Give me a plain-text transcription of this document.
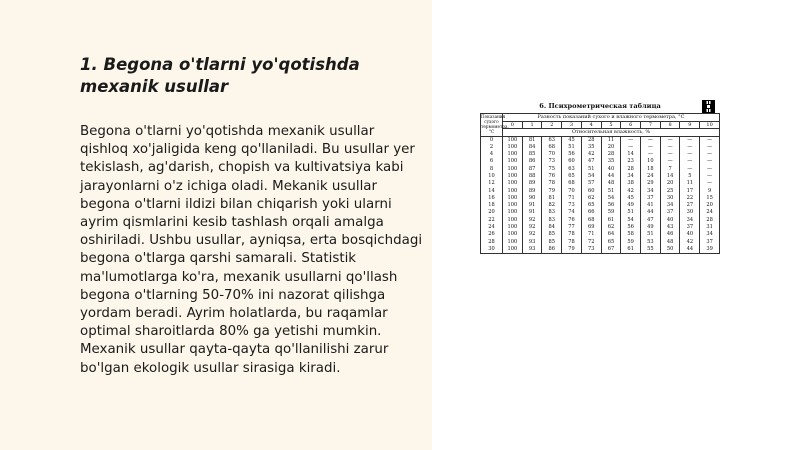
1. Begona o'tlarni yo'qotishda mexanik usullar

Begona o'tlarni yo'qotishda mexanik usullar qishloq xo'jaligida keng qo'llaniladi. Bu usullar yer tekislash, ag'darish, chopish va kultivatsiya kabi jarayonlarni o'z ichiga oladi. Mekanik usullar begona o'tlarni ildizi bilan chiqarish yoki ularni ayrim qismlarini kesib tashlash orqali amalga oshiriladi. Ushbu usullar, ayniqsa, erta bosqichdagi begona o'tlarga qarshi samarali. Statistik ma'lumotlarga ko'ra, mexanik usullarni qo'llash begona o'tlarning 50-70% ini nazorat qilishga yordam beradi. Ayrim holatlarda, bu raqamlar optimal sharoitlarda 80% ga yetishi mumkin. Mexanik usullar qayta-qayta qo'llanilishi zarur bo'lgan ekologik usullar sirasiga kiradi.

6. Психрометрическая таблица
Показания сухого термометра, °С	Разность показаний сухого и влажного термометра, °С										
	0	1	2	3	4	5	6	7	8	9	10
	Относительная влажность, %										
0	100	81	63	45	28	11	—	—	—	—	—
2	100	84	68	51	35	20	—	—	—	—	—
4	100	85	70	56	42	28	14	—	—	—	—
6	100	86	73	60	47	35	23	10	—	—	—
8	100	87	75	63	51	40	28	18	7	—	—
10	100	88	76	65	54	44	34	24	14	5	—
12	100	89	78	68	57	48	38	29	20	11	—
14	100	89	79	70	60	51	42	34	25	17	9
16	100	90	81	71	62	54	45	37	30	22	15
18	100	91	82	73	65	56	49	41	34	27	20
20	100	91	83	74	66	59	51	44	37	30	24
22	100	92	83	76	68	61	54	47	40	34	28
24	100	92	84	77	69	62	56	49	43	37	31
26	100	92	85	78	71	64	58	51	46	40	34
28	100	93	85	78	72	65	59	53	48	42	37
30	100	93	86	79	73	67	61	55	50	44	39
